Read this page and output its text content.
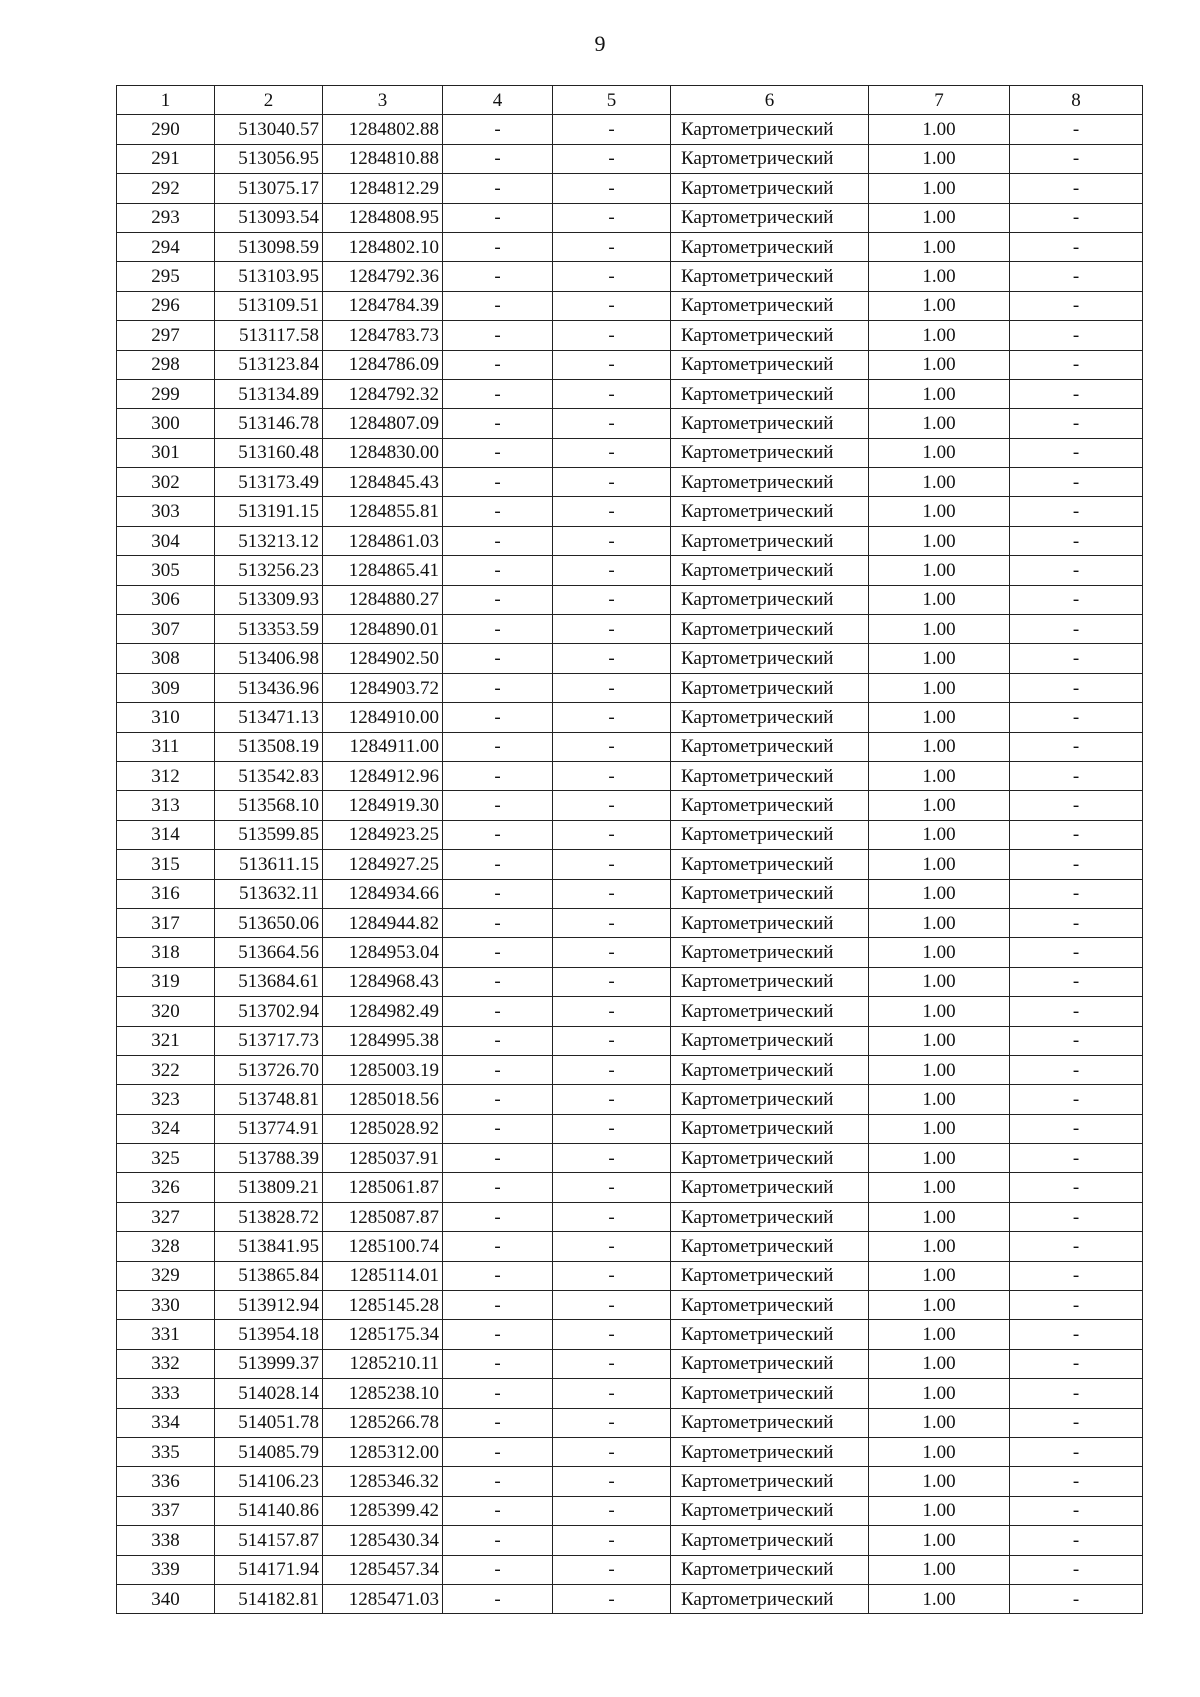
9
1	2	3	4	5	6	7	8
290	513040.57	1284802.88	-	-	Картометрический	1.00	-
291	513056.95	1284810.88	-	-	Картометрический	1.00	-
292	513075.17	1284812.29	-	-	Картометрический	1.00	-
293	513093.54	1284808.95	-	-	Картометрический	1.00	-
294	513098.59	1284802.10	-	-	Картометрический	1.00	-
295	513103.95	1284792.36	-	-	Картометрический	1.00	-
296	513109.51	1284784.39	-	-	Картометрический	1.00	-
297	513117.58	1284783.73	-	-	Картометрический	1.00	-
298	513123.84	1284786.09	-	-	Картометрический	1.00	-
299	513134.89	1284792.32	-	-	Картометрический	1.00	-
300	513146.78	1284807.09	-	-	Картометрический	1.00	-
301	513160.48	1284830.00	-	-	Картометрический	1.00	-
302	513173.49	1284845.43	-	-	Картометрический	1.00	-
303	513191.15	1284855.81	-	-	Картометрический	1.00	-
304	513213.12	1284861.03	-	-	Картометрический	1.00	-
305	513256.23	1284865.41	-	-	Картометрический	1.00	-
306	513309.93	1284880.27	-	-	Картометрический	1.00	-
307	513353.59	1284890.01	-	-	Картометрический	1.00	-
308	513406.98	1284902.50	-	-	Картометрический	1.00	-
309	513436.96	1284903.72	-	-	Картометрический	1.00	-
310	513471.13	1284910.00	-	-	Картометрический	1.00	-
311	513508.19	1284911.00	-	-	Картометрический	1.00	-
312	513542.83	1284912.96	-	-	Картометрический	1.00	-
313	513568.10	1284919.30	-	-	Картометрический	1.00	-
314	513599.85	1284923.25	-	-	Картометрический	1.00	-
315	513611.15	1284927.25	-	-	Картометрический	1.00	-
316	513632.11	1284934.66	-	-	Картометрический	1.00	-
317	513650.06	1284944.82	-	-	Картометрический	1.00	-
318	513664.56	1284953.04	-	-	Картометрический	1.00	-
319	513684.61	1284968.43	-	-	Картометрический	1.00	-
320	513702.94	1284982.49	-	-	Картометрический	1.00	-
321	513717.73	1284995.38	-	-	Картометрический	1.00	-
322	513726.70	1285003.19	-	-	Картометрический	1.00	-
323	513748.81	1285018.56	-	-	Картометрический	1.00	-
324	513774.91	1285028.92	-	-	Картометрический	1.00	-
325	513788.39	1285037.91	-	-	Картометрический	1.00	-
326	513809.21	1285061.87	-	-	Картометрический	1.00	-
327	513828.72	1285087.87	-	-	Картометрический	1.00	-
328	513841.95	1285100.74	-	-	Картометрический	1.00	-
329	513865.84	1285114.01	-	-	Картометрический	1.00	-
330	513912.94	1285145.28	-	-	Картометрический	1.00	-
331	513954.18	1285175.34	-	-	Картометрический	1.00	-
332	513999.37	1285210.11	-	-	Картометрический	1.00	-
333	514028.14	1285238.10	-	-	Картометрический	1.00	-
334	514051.78	1285266.78	-	-	Картометрический	1.00	-
335	514085.79	1285312.00	-	-	Картометрический	1.00	-
336	514106.23	1285346.32	-	-	Картометрический	1.00	-
337	514140.86	1285399.42	-	-	Картометрический	1.00	-
338	514157.87	1285430.34	-	-	Картометрический	1.00	-
339	514171.94	1285457.34	-	-	Картометрический	1.00	-
340	514182.81	1285471.03	-	-	Картометрический	1.00	-
